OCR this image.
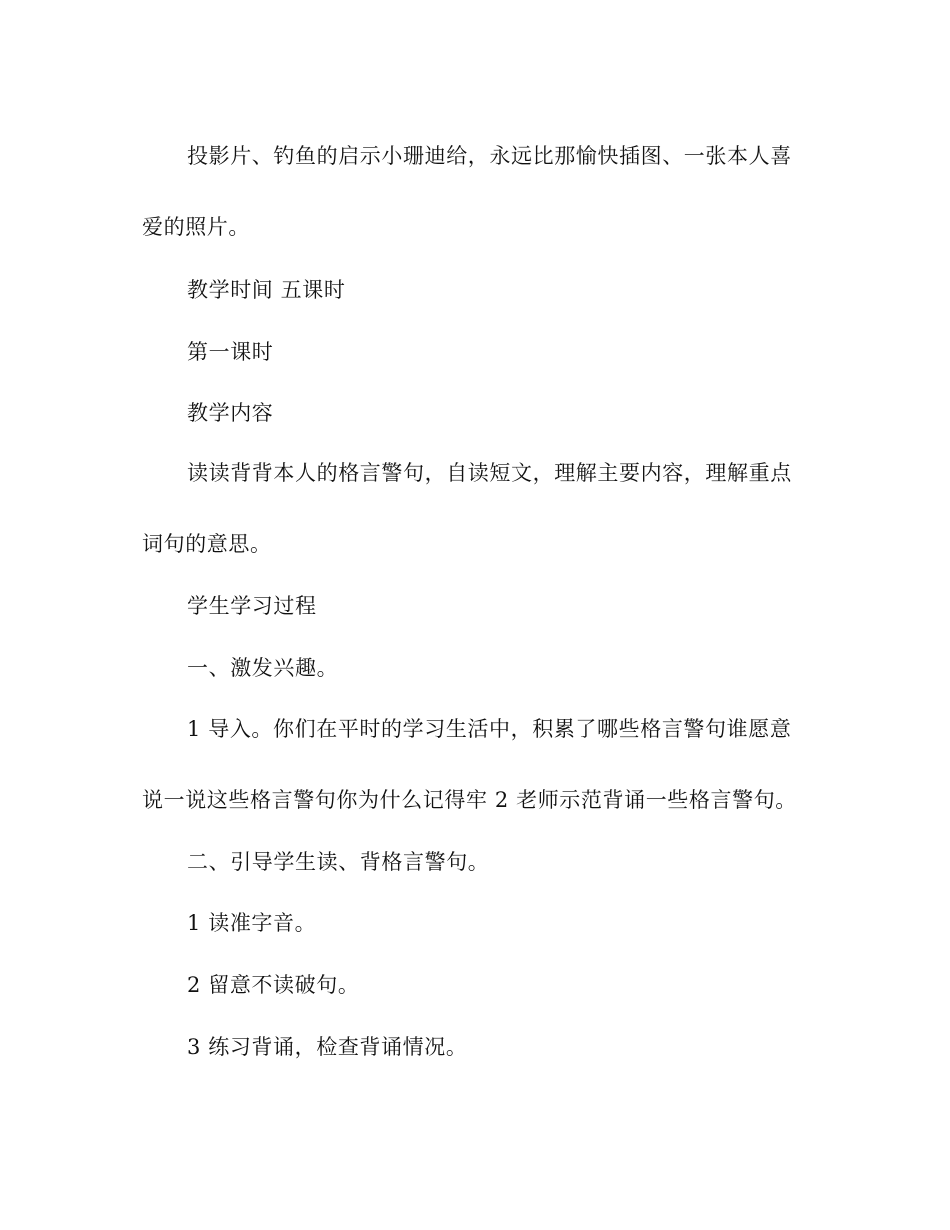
投影片、钓鱼的启示小珊迪给，永远比那愉快插图、一张本人喜
爱的照片。
教学时间 五课时
第一课时
教学内容
读读背背本人的格言警句，自读短文，理解主要内容，理解重点
词句的意思。
学生学习过程
一、激发兴趣。
1 导入。你们在平时的学习生活中，积累了哪些格言警句谁愿意
说一说这些格言警句你为什么记得牢 2 老师示范背诵一些格言警句。
二、引导学生读、背格言警句。
1 读准字音。
2 留意不读破句。
3 练习背诵，检查背诵情况。
